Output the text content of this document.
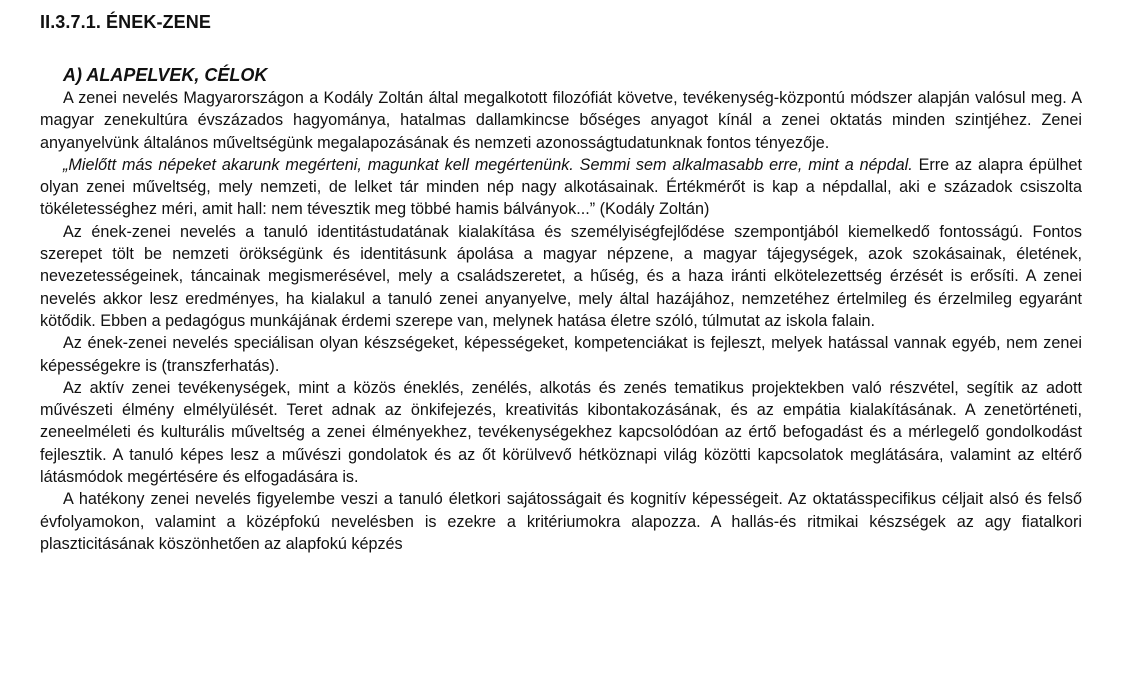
II.3.7.1. ÉNEK-ZENE
A) ALAPELVEK, CÉLOK

A zenei nevelés Magyarországon a Kodály Zoltán által megalkotott filozófiát követve, tevékenység-központú módszer alapján valósul meg. A magyar zenekultúra évszázados hagyománya, hatalmas dallamkincse bőséges anyagot kínál a zenei oktatás minden szintjéhez. Zenei anyanyelvünk általános műveltségünk megalapozásának és nemzeti azonosságtudatunknak fontos tényezője.

„Mielőtt más népeket akarunk megérteni, magunkat kell megértenünk. Semmi sem alkalmasabb erre, mint a népdal. Erre az alapra épülhet olyan zenei műveltség, mely nemzeti, de lelket tár minden nép nagy alkotásainak. Értékmérőt is kap a népdallal, aki e századok csiszolta tökéletességhez méri, amit hall: nem tévesztik meg többé hamis bálványok...” (Kodály Zoltán)

Az ének-zenei nevelés a tanuló identitástudatának kialakítása és személyiségfejlődése szempontjából kiemelkedő fontosságú. Fontos szerepet tölt be nemzeti örökségünk és identitásunk ápolása a magyar népzene, a magyar tájegységek, azok szokásainak, életének, nevezetességeinek, táncainak megismerésével, mely a családszeretet, a hűség, és a haza iránti elkötelezettség érzését is erősíti. A zenei nevelés akkor lesz eredményes, ha kialakul a tanuló zenei anyanyelve, mely által hazájához, nemzetéhez értelmileg és érzelmileg egyaránt kötődik. Ebben a pedagógus munkájának érdemi szerepe van, melynek hatása életre szóló, túlmutat az iskola falain.

Az ének-zenei nevelés speciálisan olyan készségeket, képességeket, kompetenciákat is fejleszt, melyek hatással vannak egyéb, nem zenei képességekre is (transzferhatás).

Az aktív zenei tevékenységek, mint a közös éneklés, zenélés, alkotás és zenés tematikus projektekben való részvétel, segítik az adott művészeti élmény elmélyülését. Teret adnak az önkifejezés, kreativitás kibontakozásának, és az empátia kialakításának. A zenetörténeti, zeneelméleti és kulturális műveltség a zenei élményekhez, tevékenységekhez kapcsolódóan az értő befogadást és a mérlegelő gondolkodást fejlesztik. A tanuló képes lesz a művészi gondolatok és az őt körülvevő hétköznapi világ közötti kapcsolatok meglátására, valamint az eltérő látásmódok megértésére és elfogadására is.

A hatékony zenei nevelés figyelembe veszi a tanuló életkori sajátosságait és kognitív képességeit. Az oktatásspecifikus céljait alsó és felső évfolyamokon, valamint a középfokú nevelésben is ezekre a kritériumokra alapozza. A hallás-és ritmikai készségek az agy fiatalkori plaszticitásának köszönhetően az alapfokú képzés
